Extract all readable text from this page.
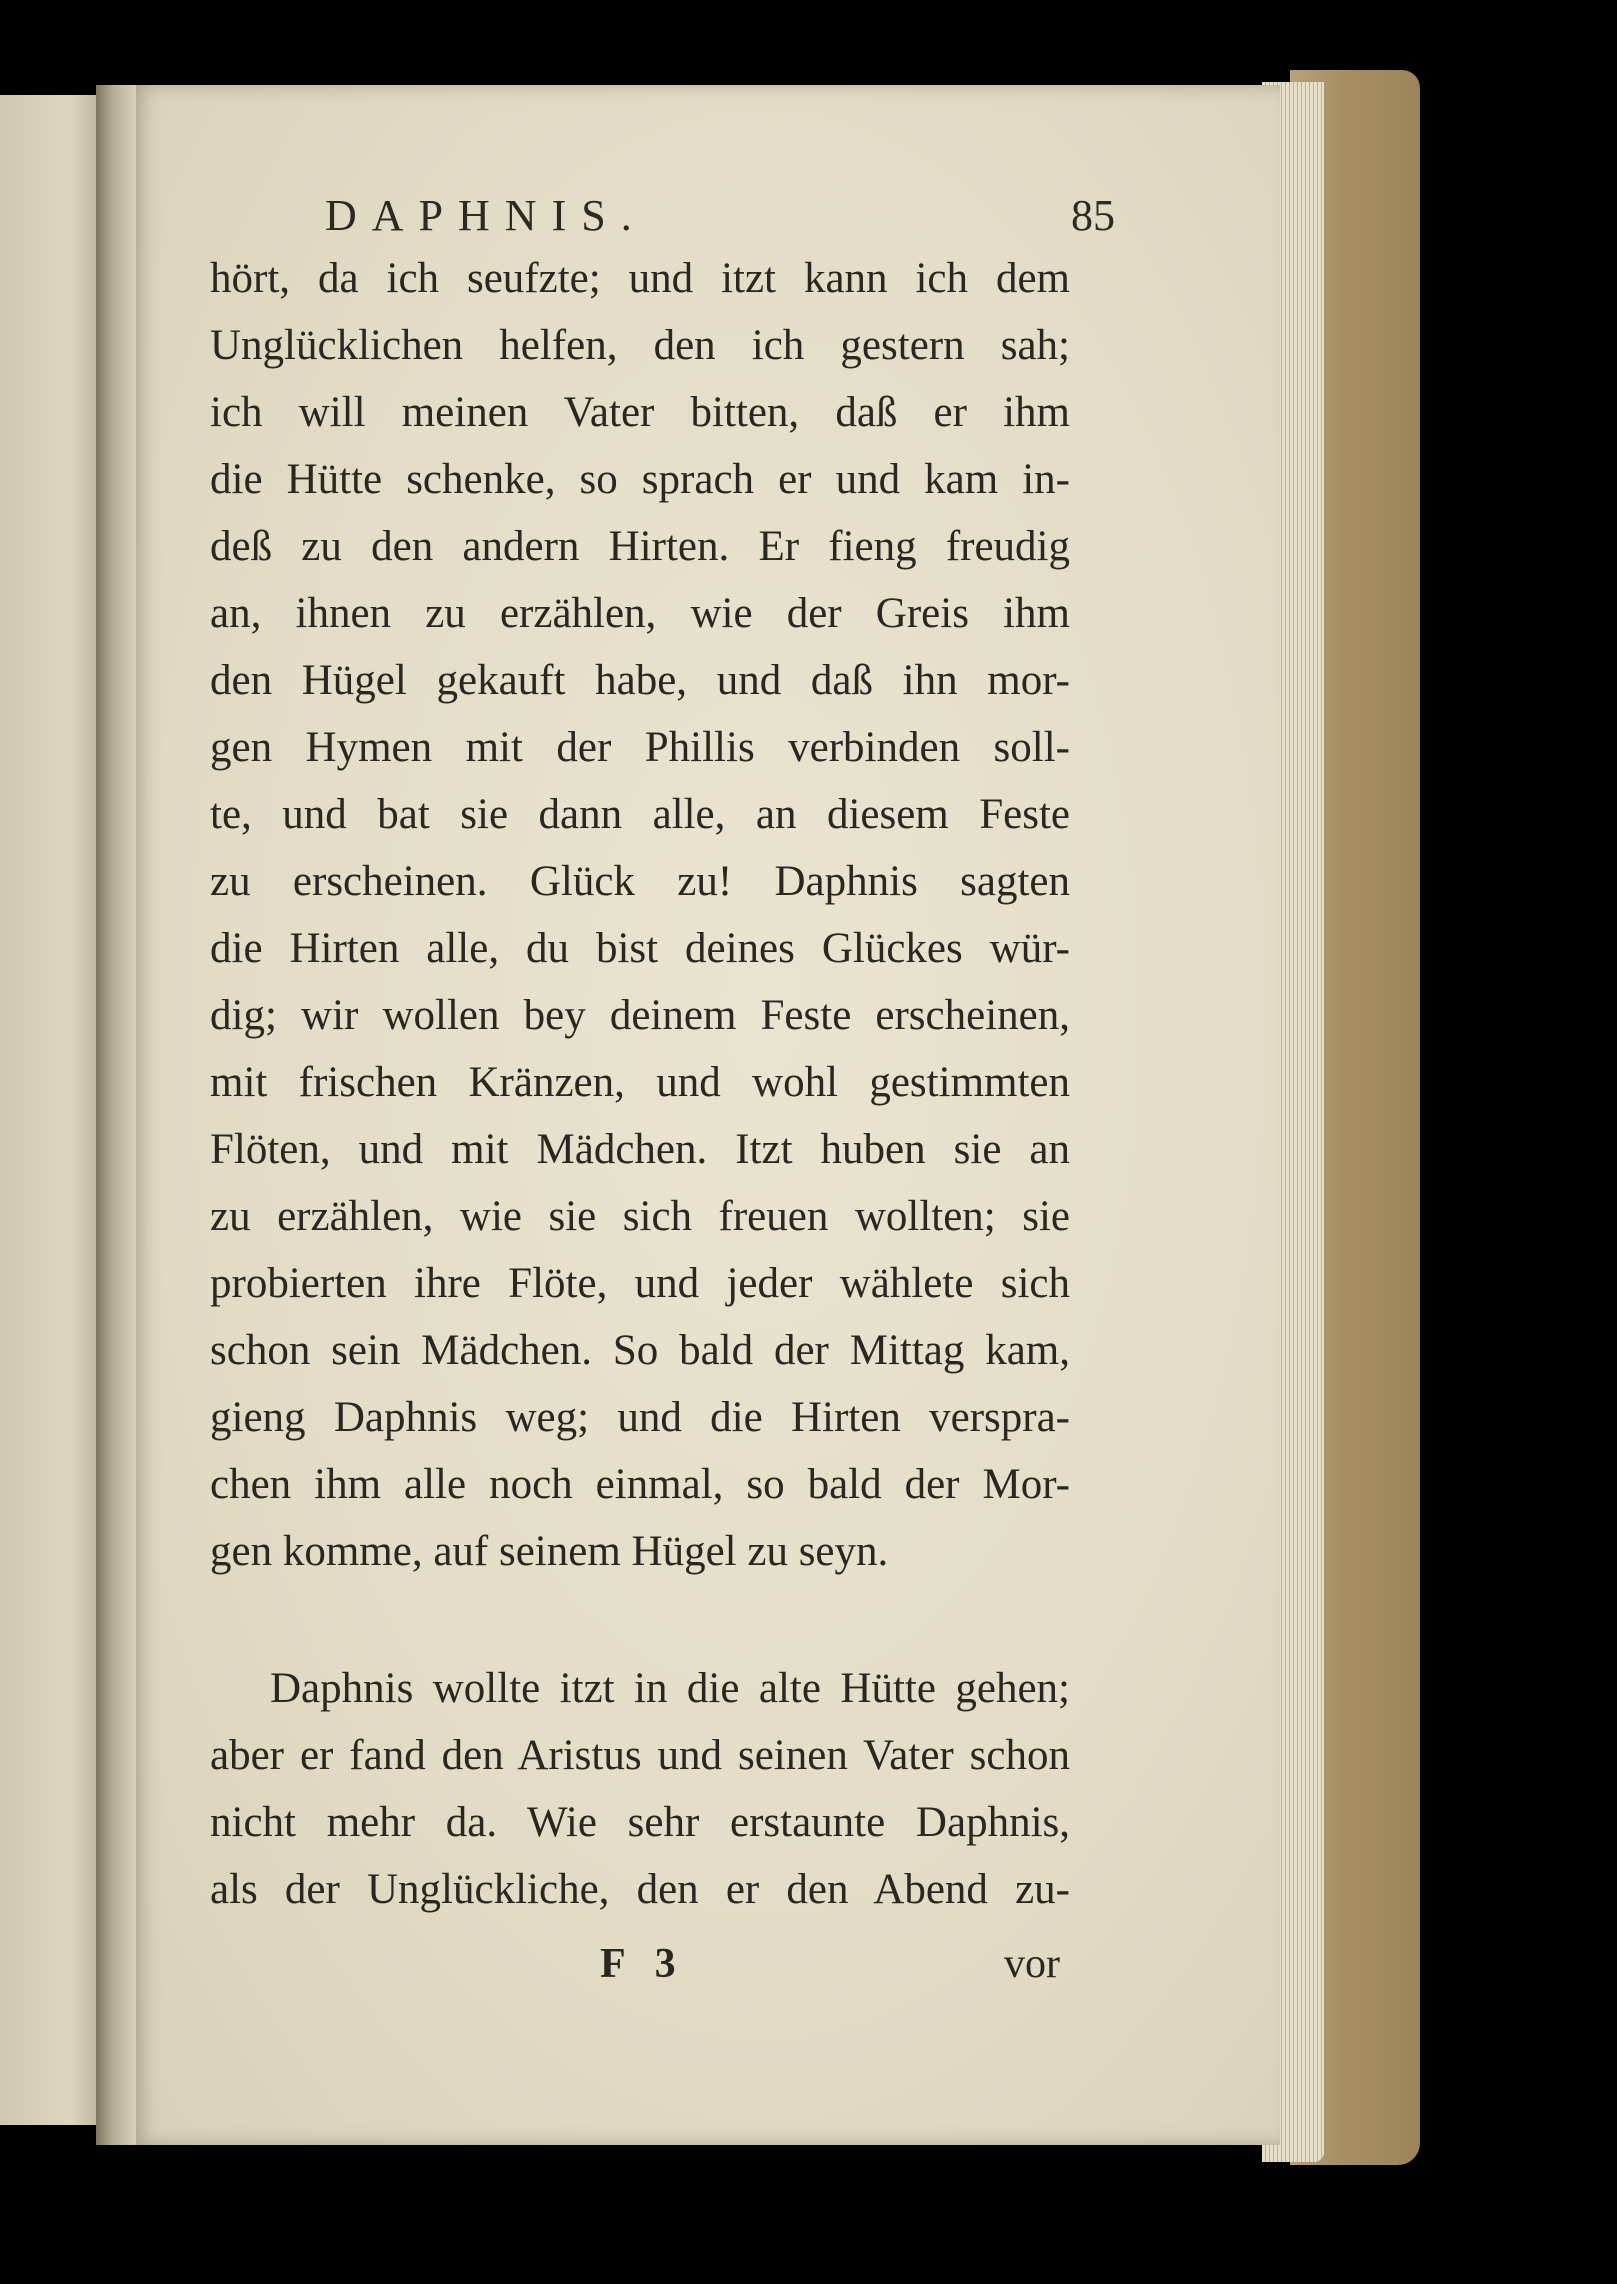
DAPHNIS.	85
hört, da ich seufzte; und itzt kann ich dem
Unglücklichen helfen, den ich gestern sah;
ich will meinen Vater bitten, daß er ihm
die Hütte schenke, so sprach er und kam in-
deß zu den andern Hirten. Er fieng freudig
an, ihnen zu erzählen, wie der Greis ihm
den Hügel gekauft habe, und daß ihn mor-
gen Hymen mit der Phillis verbinden soll-
te, und bat sie dann alle, an diesem Feste
zu erscheinen. Glück zu! Daphnis sagten
die Hirten alle, du bist deines Glückes wür-
dig; wir wollen bey deinem Feste erscheinen,
mit frischen Kränzen, und wohl gestimmten
Flöten, und mit Mädchen. Itzt huben sie an
zu erzählen, wie sie sich freuen wollten; sie
probierten ihre Flöte, und jeder wählete sich
schon sein Mädchen. So bald der Mittag kam,
gieng Daphnis weg; und die Hirten verspra-
chen ihm alle noch einmal, so bald der Mor-
gen komme, auf seinem Hügel zu seyn.
Daphnis wollte itzt in die alte Hütte gehen;
aber er fand den Aristus und seinen Vater schon
nicht mehr da. Wie sehr erstaunte Daphnis,
als der Unglückliche, den er den Abend zu-
F 3	vor
